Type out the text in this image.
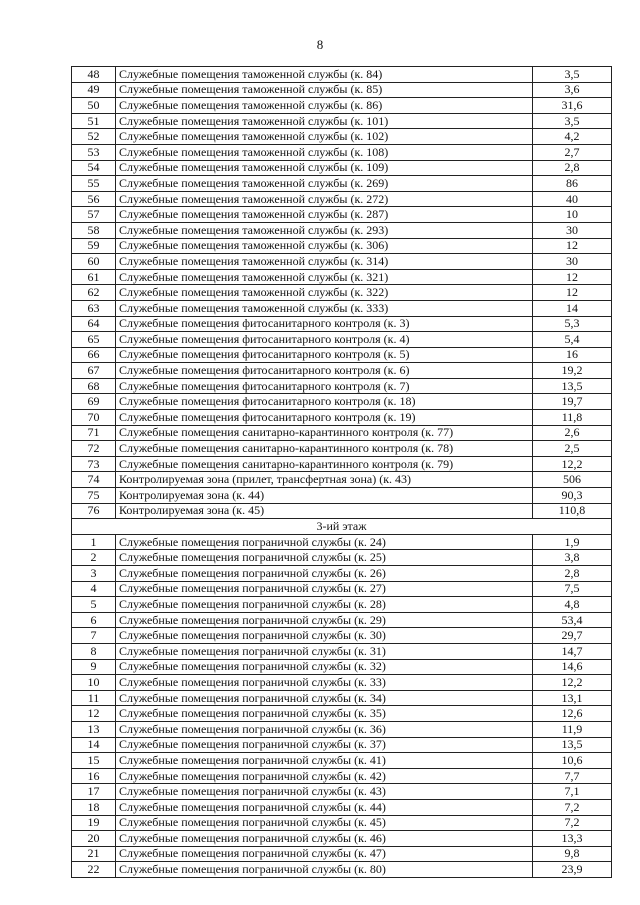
8
48	Служебные помещения таможенной службы (к. 84)	3,5
49	Служебные помещения таможенной службы (к. 85)	3,6
50	Служебные помещения таможенной службы (к. 86)	31,6
51	Служебные помещения таможенной службы (к. 101)	3,5
52	Служебные помещения таможенной службы (к. 102)	4,2
53	Служебные помещения таможенной службы (к. 108)	2,7
54	Служебные помещения таможенной службы (к. 109)	2,8
55	Служебные помещения таможенной службы (к. 269)	86
56	Служебные помещения таможенной службы (к. 272)	40
57	Служебные помещения таможенной службы (к. 287)	10
58	Служебные помещения таможенной службы (к. 293)	30
59	Служебные помещения таможенной службы (к. 306)	12
60	Служебные помещения таможенной службы (к. 314)	30
61	Служебные помещения таможенной службы (к. 321)	12
62	Служебные помещения таможенной службы (к. 322)	12
63	Служебные помещения таможенной службы (к. 333)	14
64	Служебные помещения фитосанитарного контроля (к. 3)	5,3
65	Служебные помещения фитосанитарного контроля (к. 4)	5,4
66	Служебные помещения фитосанитарного контроля (к. 5)	16
67	Служебные помещения фитосанитарного контроля (к. 6)	19,2
68	Служебные помещения фитосанитарного контроля (к. 7)	13,5
69	Служебные помещения фитосанитарного контроля (к. 18)	19,7
70	Служебные помещения фитосанитарного контроля (к. 19)	11,8
71	Служебные помещения санитарно-карантинного контроля (к. 77)	2,6
72	Служебные помещения санитарно-карантинного контроля (к. 78)	2,5
73	Служебные помещения санитарно-карантинного контроля (к. 79)	12,2
74	Контролируемая зона (прилет, трансфертная зона) (к. 43)	506
75	Контролируемая зона (к. 44)	90,3
76	Контролируемая зона (к. 45)	110,8
3-ий этаж		
1	Служебные помещения пограничной службы (к. 24)	1,9
2	Служебные помещения пограничной службы (к. 25)	3,8
3	Служебные помещения пограничной службы (к. 26)	2,8
4	Служебные помещения пограничной службы (к. 27)	7,5
5	Служебные помещения пограничной службы (к. 28)	4,8
6	Служебные помещения пограничной службы (к. 29)	53,4
7	Служебные помещения пограничной службы (к. 30)	29,7
8	Служебные помещения пограничной службы (к. 31)	14,7
9	Служебные помещения пограничной службы (к. 32)	14,6
10	Служебные помещения пограничной службы (к. 33)	12,2
11	Служебные помещения пограничной службы (к. 34)	13,1
12	Служебные помещения пограничной службы (к. 35)	12,6
13	Служебные помещения пограничной службы (к. 36)	11,9
14	Служебные помещения пограничной службы (к. 37)	13,5
15	Служебные помещения пограничной службы (к. 41)	10,6
16	Служебные помещения пограничной службы (к. 42)	7,7
17	Служебные помещения пограничной службы (к. 43)	7,1
18	Служебные помещения пограничной службы (к. 44)	7,2
19	Служебные помещения пограничной службы (к. 45)	7,2
20	Служебные помещения пограничной службы (к. 46)	13,3
21	Служебные помещения пограничной службы (к. 47)	9,8
22	Служебные помещения пограничной службы (к. 80)	23,9
